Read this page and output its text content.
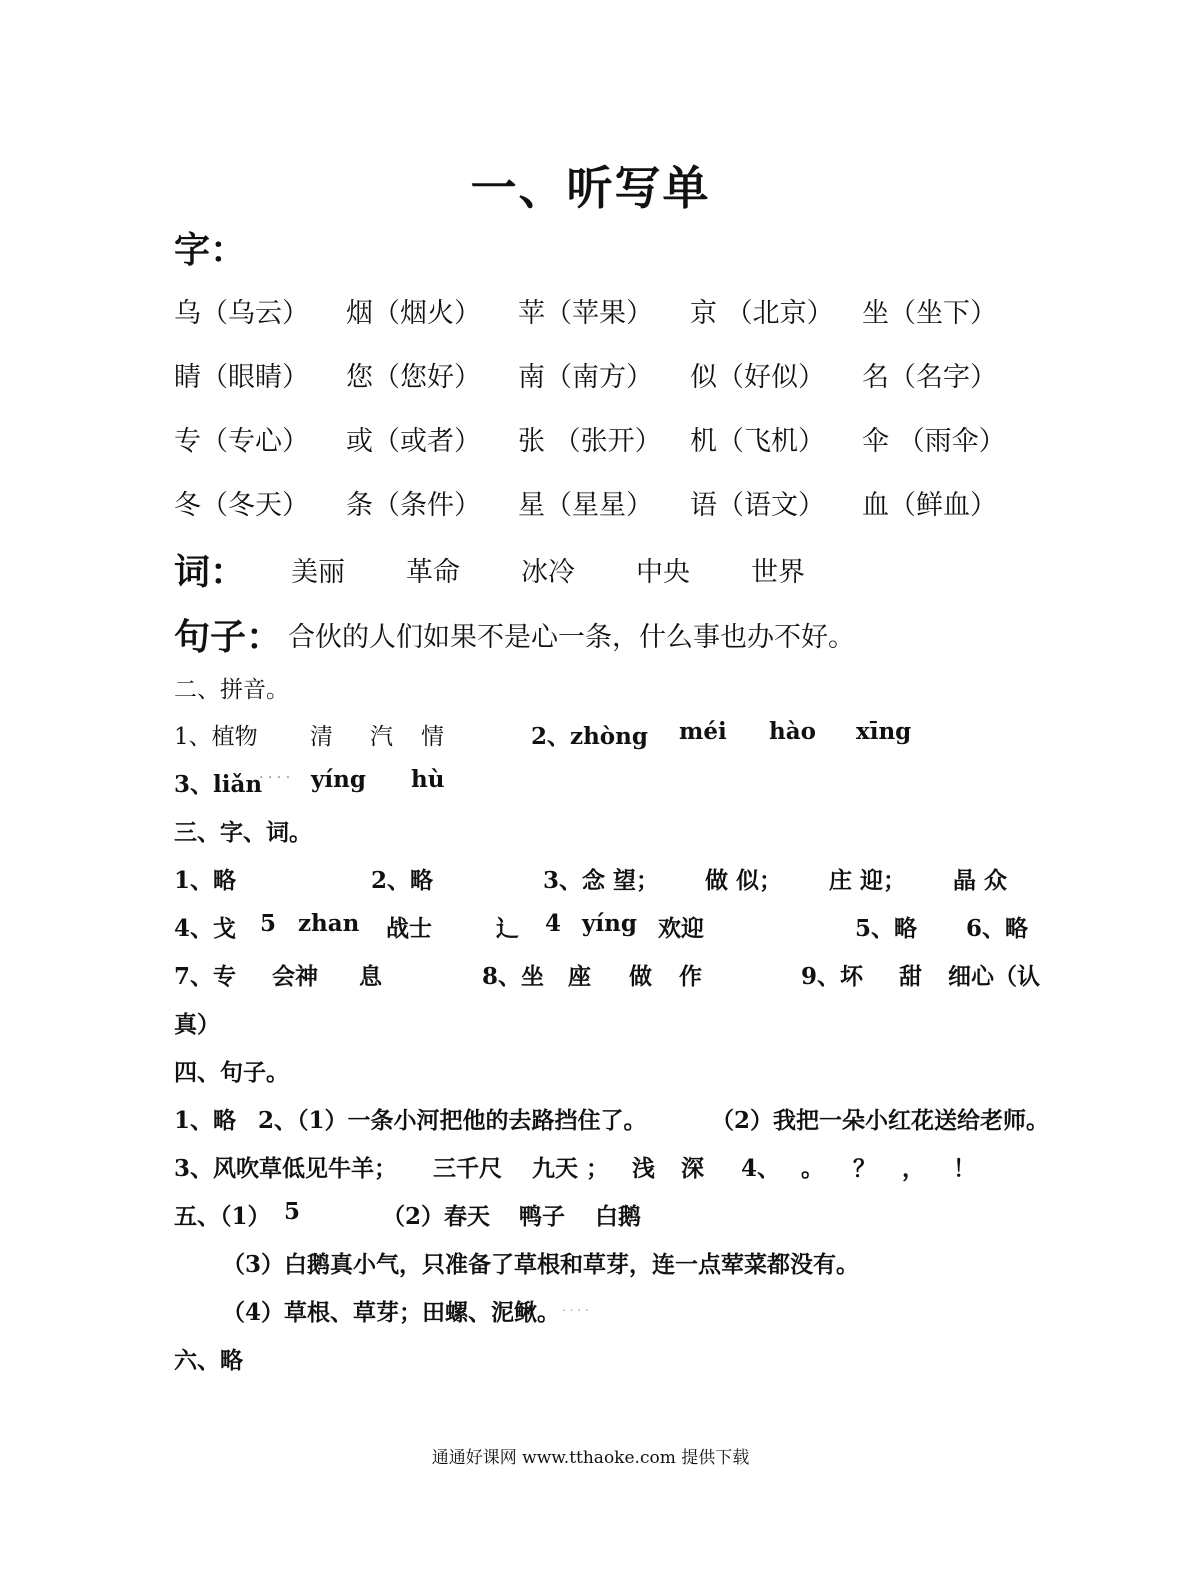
一、听写单
字：
乌（乌云） 烟（烟火） 苹（苹果） 京 （北京） 坐（坐下）
睛（眼睛） 您（您好） 南（南方） 似（好似） 名（名字）
专（专心） 或（或者） 张 （张开） 机（飞机） 伞 （雨伞）
冬（冬天） 条（条件） 星（星星） 语（语文） 血（鲜血）
词： 美丽 革命 冰冷 中央 世界
句子： 合伙的人们如果不是心一条，什么事也办不好。
二、拼音。
1、植物 清 汽 情	2、zhòng méi hào xīng
3、liǎn
. . . . yíng hù
三、字、词。
1、略	2、略	3、念 望； 做 似； 庄 迎； 晶 众
4、戈 5 zhan 战士	辶 4 yíng 欢迎	5、略 6、略
7、专 会神 息	8、坐 座 做 作	9、坏 甜 细心（认
真）
四、句子。
1、略 2、（1）一条小河把他的去路挡住了。	（2）我把一朵小红花送给老师。
3、风吹草低见牛羊； 三千尺 九天 ； 浅 深 4、 。 ？ ， ！
五、（1） 5	（2）春天 鸭子 白鹅
（3）白鹅真小气，只准备了草根和草芽，连一点荤菜都没有。
（4）草根、草芽；田螺、泥鳅。 . . . .
六、略
通通好课网 www.tthaoke.com 提供下载
